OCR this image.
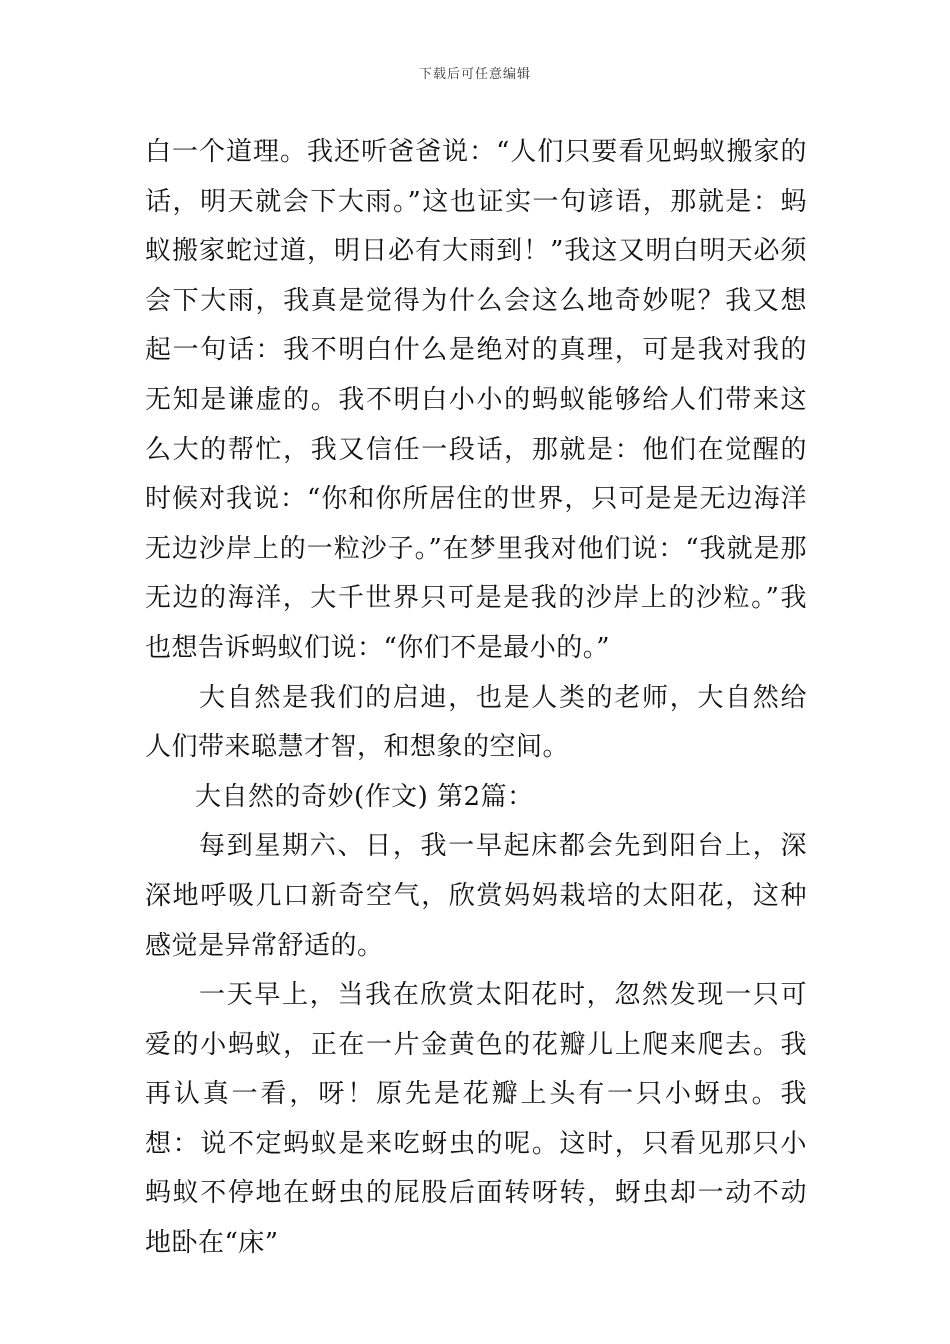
下载后可任意编辑

白一个道理。我还听爸爸说：“人们只要看见蚂蚁搬家的话，明天就会下大雨。”这也证实一句谚语，那就是：蚂蚁搬家蛇过道，明日必有大雨到！”我这又明白明天必须会下大雨，我真是觉得为什么会这么地奇妙呢？我又想起一句话：我不明白什么是绝对的真理，可是我对我的无知是谦虚的。我不明白小小的蚂蚁能够给人们带来这么大的帮忙，我又信任一段话，那就是：他们在觉醒的时候对我说：“你和你所居住的世界，只可是是无边海洋无边沙岸上的一粒沙子。”在梦里我对他们说：“我就是那无边的海洋，大千世界只可是是我的沙岸上的沙粒。”我也想告诉蚂蚁们说：“你们不是最小的。”

大自然是我们的启迪，也是人类的老师，大自然给人们带来聪慧才智，和想象的空间。

大自然的奇妙(作文) 第2篇：

每到星期六、日，我一早起床都会先到阳台上，深深地呼吸几口新奇空气，欣赏妈妈栽培的太阳花，这种感觉是异常舒适的。

一天早上，当我在欣赏太阳花时，忽然发现一只可爱的小蚂蚁，正在一片金黄色的花瓣儿上爬来爬去。我再认真一看，呀！原先是花瓣上头有一只小蚜虫。我想：说不定蚂蚁是来吃蚜虫的呢。这时，只看见那只小蚂蚁不停地在蚜虫的屁股后面转呀转，蚜虫却一动不动地卧在“床”
